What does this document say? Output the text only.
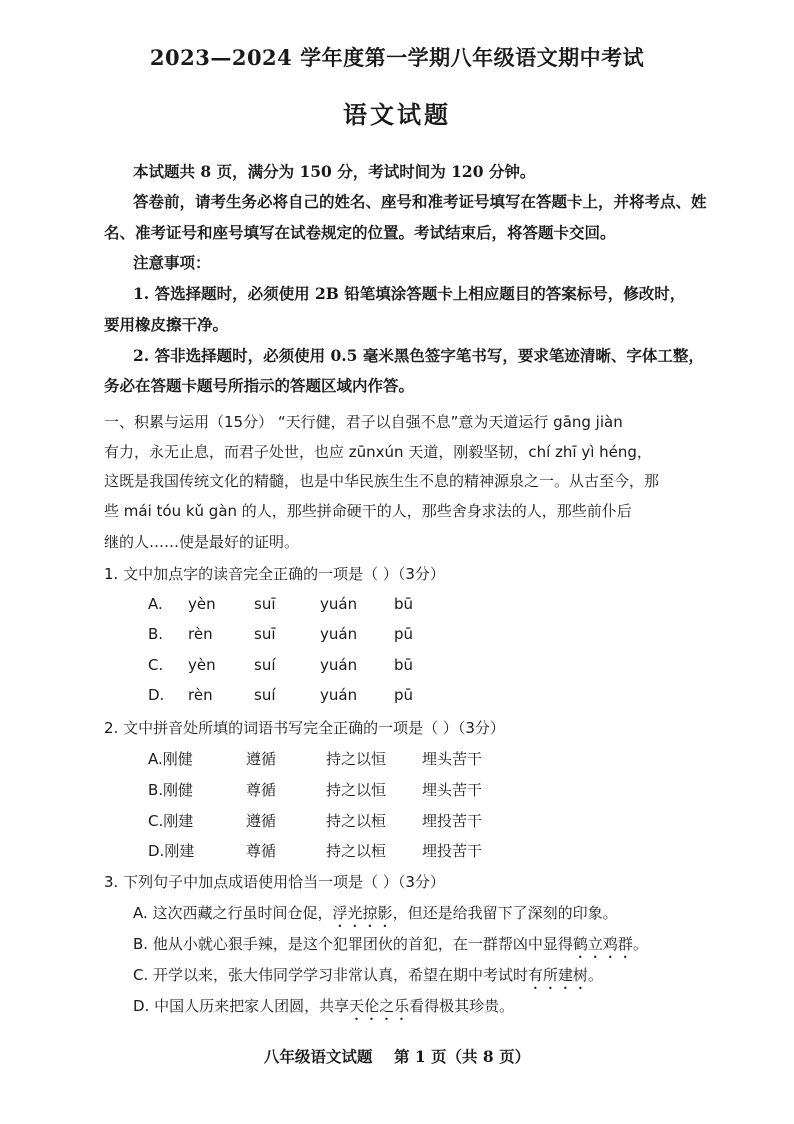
2023—2024 学年度第一学期八年级语文期中考试
语文试题

本试题共 8 页，满分为 150 分，考试时间为 120 分钟。

答卷前，请考生务必将自己的姓名、座号和准考证号填写在答题卡上，并将考点、姓

名、准考证号和座号填写在试卷规定的位置。考试结束后，将答题卡交回。

注意事项：

1. 答选择题时，必须使用 2B 铅笔填涂答题卡上相应题目的答案标号，修改时，

要用橡皮擦干净。

2. 答非选择题时，必须使用 0.5 毫米黑色签字笔书写，要求笔迹清晰、字体工整，

务必在答题卡题号所指示的答题区域内作答。

一、积累与运用（15分） “天行健，君子以自强不息”意为天道运行 gāng jiàn

有力，永无止息，而君子处世，也应 zūnxún 天道，刚毅坚韧，chí zhī yì héng，

这既是我国传统文化的精髓，也是中华民族生生不息的精神源泉之一。从古至今，那

些 mái tóu kǔ gàn 的人，那些拼命硬干的人，那些舍身求法的人，那些前仆后

继的人……使是最好的证明。

1. 文中加点字的读音完全正确的一项是（ ）（3分）

A.	yèn	suī	yuán	bū
B.	rèn	suī	yuán	pū
C.	yèn	suí	yuán	bū
D.	rèn	suí	yuán	pū

2. 文中拼音处所填的词语书写完全正确的一项是（ ）（3分）

A.刚健	遵循	持之以恒	埋头苦干
B.刚健	尊循	持之以恒	埋头苦干
C.刚建	遵循	持之以桓	埋投苦干
D.刚建	尊循	持之以桓	埋投苦干

3. 下列句子中加点成语使用恰当一项是（ ）（3分）

A. 这次西藏之行虽时间仓促，浮光掠影，但还是给我留下了深刻的印象。

B. 他从小就心狠手辣，是这个犯罪团伙的首犯，在一群帮凶中显得鹤立鸡群。

C. 开学以来，张大伟同学学习非常认真，希望在期中考试时有所建树。

D. 中国人历来把家人团圆，共享天伦之乐看得极其珍贵。

八年级语文试题    第 1 页（共 8 页）
